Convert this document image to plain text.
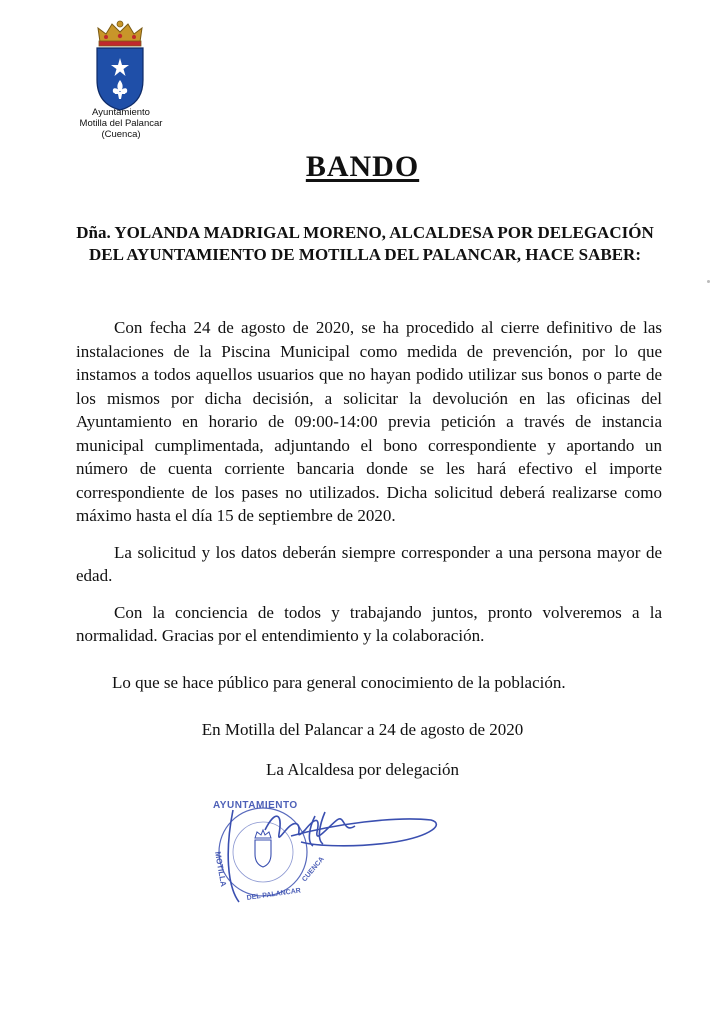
Ayuntamiento
Motilla del Palancar
(Cuenca)
BANDO
Dña. YOLANDA MADRIGAL MORENO, ALCALDESA POR DELEGACIÓN
DEL AYUNTAMIENTO DE MOTILLA DEL PALANCAR, HACE SABER:

Con fecha 24 de agosto de 2020, se ha procedido al cierre definitivo de las instalaciones de la Piscina Municipal como medida de prevención, por lo que instamos a todos aquellos usuarios que no hayan podido utilizar sus bonos o parte de los mismos por dicha decisión, a solicitar la devolución en las oficinas del Ayuntamiento en horario de 09:00-14:00 previa petición a través de instancia municipal cumplimentada, adjuntando el bono correspondiente y aportando un número de cuenta corriente bancaria donde se les hará efectivo el importe correspondiente de los pases no utilizados. Dicha solicitud deberá realizarse como máximo hasta el día 15 de septiembre de 2020.

La solicitud y los datos deberán siempre corresponder a una persona mayor de edad.

Con la conciencia de todos y trabajando juntos, pronto volveremos a la normalidad. Gracias por el entendimiento y la colaboración.

Lo que se hace público para general conocimiento de la población.
En Motilla del Palancar a 24 de agosto de 2020
La Alcaldesa por delegación
AYUNTAMIENTO
MOTILLA
DEL PALANCAR
CUENCA
